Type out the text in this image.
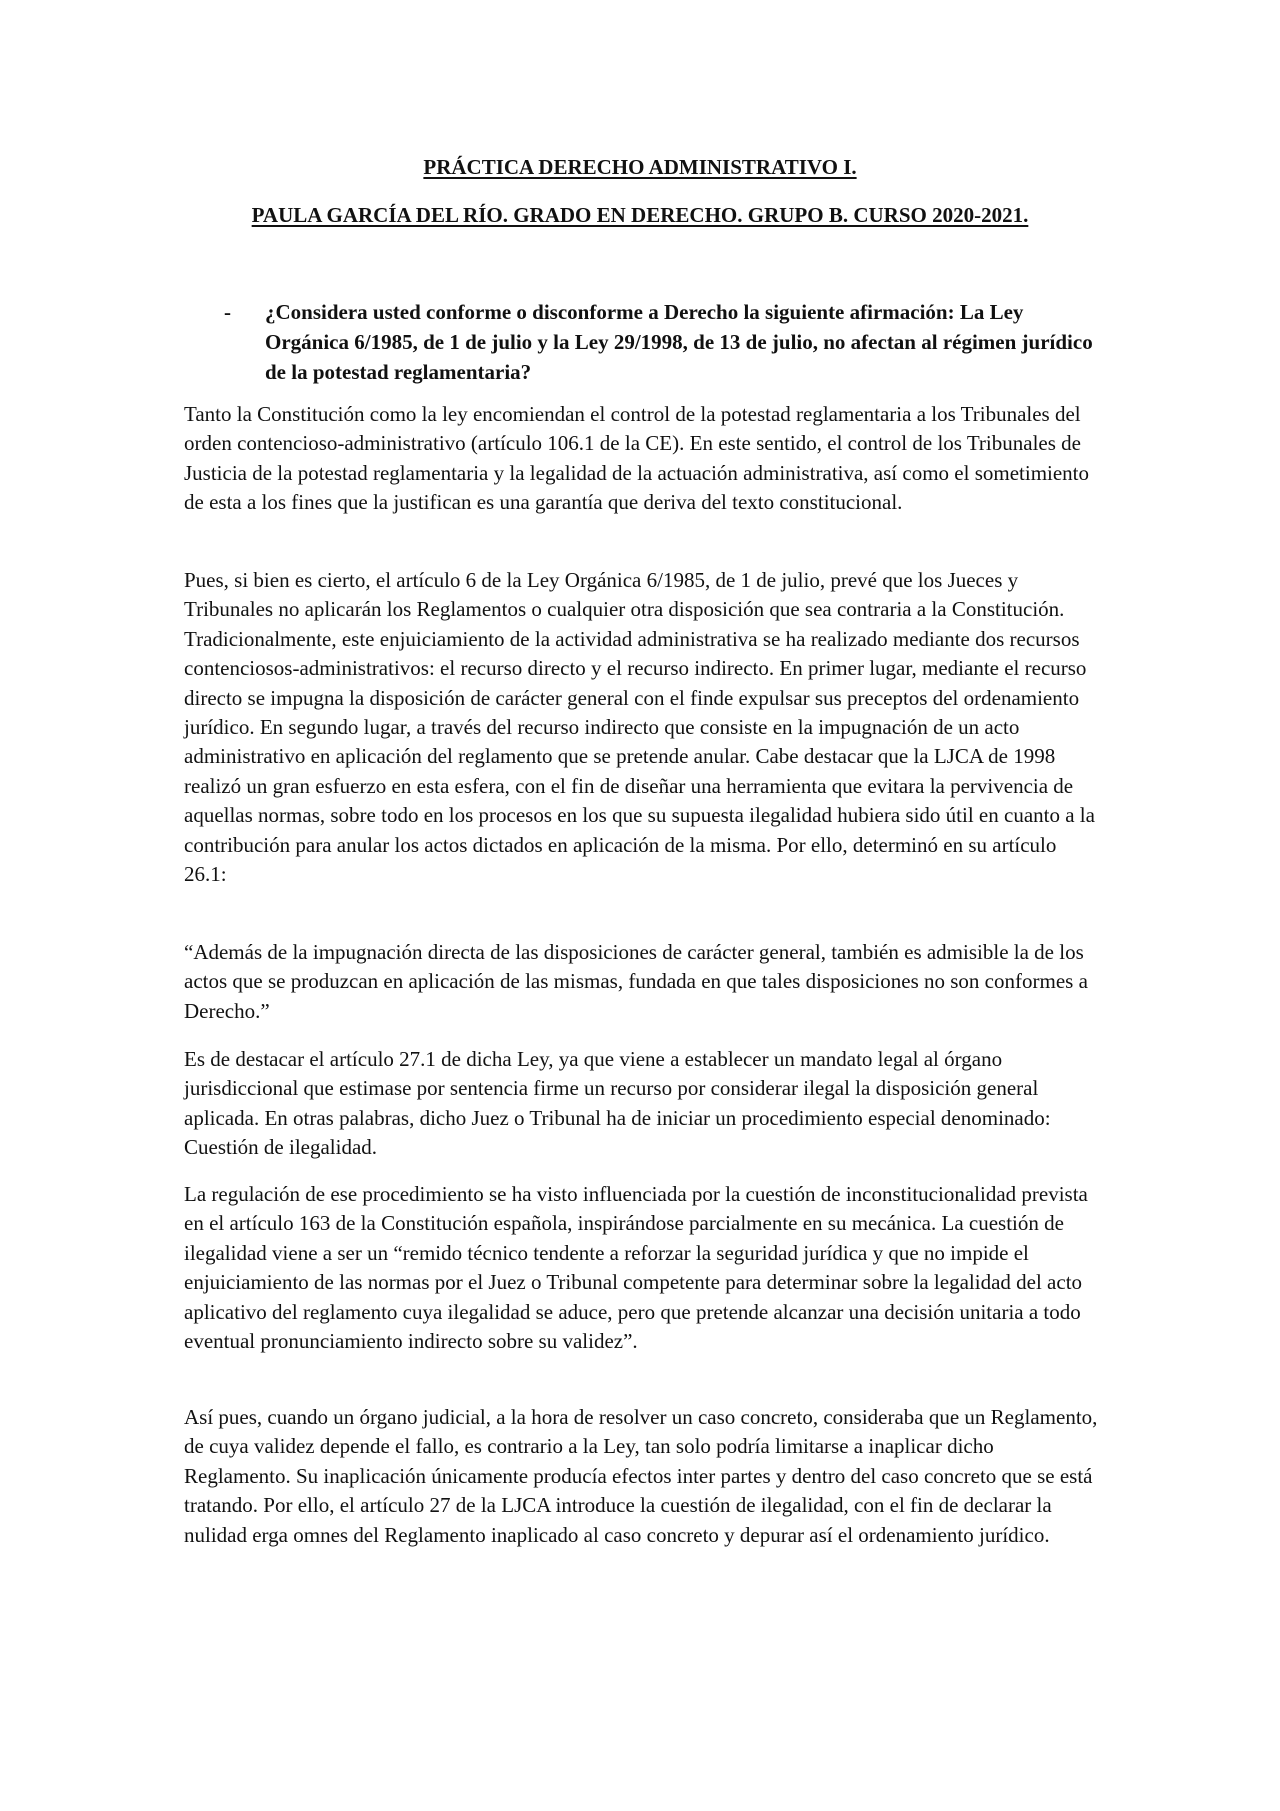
PRÁCTICA DERECHO ADMINISTRATIVO I.

PAULA GARCÍA DEL RÍO. GRADO EN DERECHO. GRUPO B. CURSO 2020-2021.

- ¿Considera usted conforme o disconforme a Derecho la siguiente afirmación: La Ley Orgánica 6/1985, de 1 de julio y la Ley 29/1998, de 13 de julio, no afectan al régimen jurídico de la potestad reglamentaria?

Tanto la Constitución como la ley encomiendan el control de la potestad reglamentaria a los Tribunales del orden contencioso-administrativo (artículo 106.1 de la CE). En este sentido, el control de los Tribunales de Justicia de la potestad reglamentaria y la legalidad de la actuación administrativa, así como el sometimiento de esta a los fines que la justifican es una garantía que deriva del texto constitucional.

Pues, si bien es cierto, el artículo 6 de la Ley Orgánica 6/1985, de 1 de julio, prevé que los Jueces y Tribunales no aplicarán los Reglamentos o cualquier otra disposición que sea contraria a la Constitución. Tradicionalmente, este enjuiciamiento de la actividad administrativa se ha realizado mediante dos recursos contenciosos-administrativos: el recurso directo y el recurso indirecto. En primer lugar, mediante el recurso directo se impugna la disposición de carácter general con el finde expulsar sus preceptos del ordenamiento jurídico. En segundo lugar, a través del recurso indirecto que consiste en la impugnación de un acto administrativo en aplicación del reglamento que se pretende anular. Cabe destacar que la LJCA de 1998 realizó un gran esfuerzo en esta esfera, con el fin de diseñar una herramienta que evitara la pervivencia de aquellas normas, sobre todo en los procesos en los que su supuesta ilegalidad hubiera sido útil en cuanto a la contribución para anular los actos dictados en aplicación de la misma. Por ello, determinó en su artículo 26.1:

“Además de la impugnación directa de las disposiciones de carácter general, también es admisible la de los actos que se produzcan en aplicación de las mismas, fundada en que tales disposiciones no son conformes a Derecho.”

Es de destacar el artículo 27.1 de dicha Ley, ya que viene a establecer un mandato legal al órgano jurisdiccional que estimase por sentencia firme un recurso por considerar ilegal la disposición general aplicada. En otras palabras, dicho Juez o Tribunal ha de iniciar un procedimiento especial denominado: Cuestión de ilegalidad.

La regulación de ese procedimiento se ha visto influenciada por la cuestión de inconstitucionalidad prevista en el artículo 163 de la Constitución española, inspirándose parcialmente en su mecánica. La cuestión de ilegalidad viene a ser un “remido técnico tendente a reforzar la seguridad jurídica y que no impide el enjuiciamiento de las normas por el Juez o Tribunal competente para determinar sobre la legalidad del acto aplicativo del reglamento cuya ilegalidad se aduce, pero que pretende alcanzar una decisión unitaria a todo eventual pronunciamiento indirecto sobre su validez”.

Así pues, cuando un órgano judicial, a la hora de resolver un caso concreto, consideraba que un Reglamento, de cuya validez depende el fallo, es contrario a la Ley, tan solo podría limitarse a inaplicar dicho Reglamento. Su inaplicación únicamente producía efectos inter partes y dentro del caso concreto que se está tratando. Por ello, el artículo 27 de la LJCA introduce la cuestión de ilegalidad, con el fin de declarar la nulidad erga omnes del Reglamento inaplicado al caso concreto y depurar así el ordenamiento jurídico.
